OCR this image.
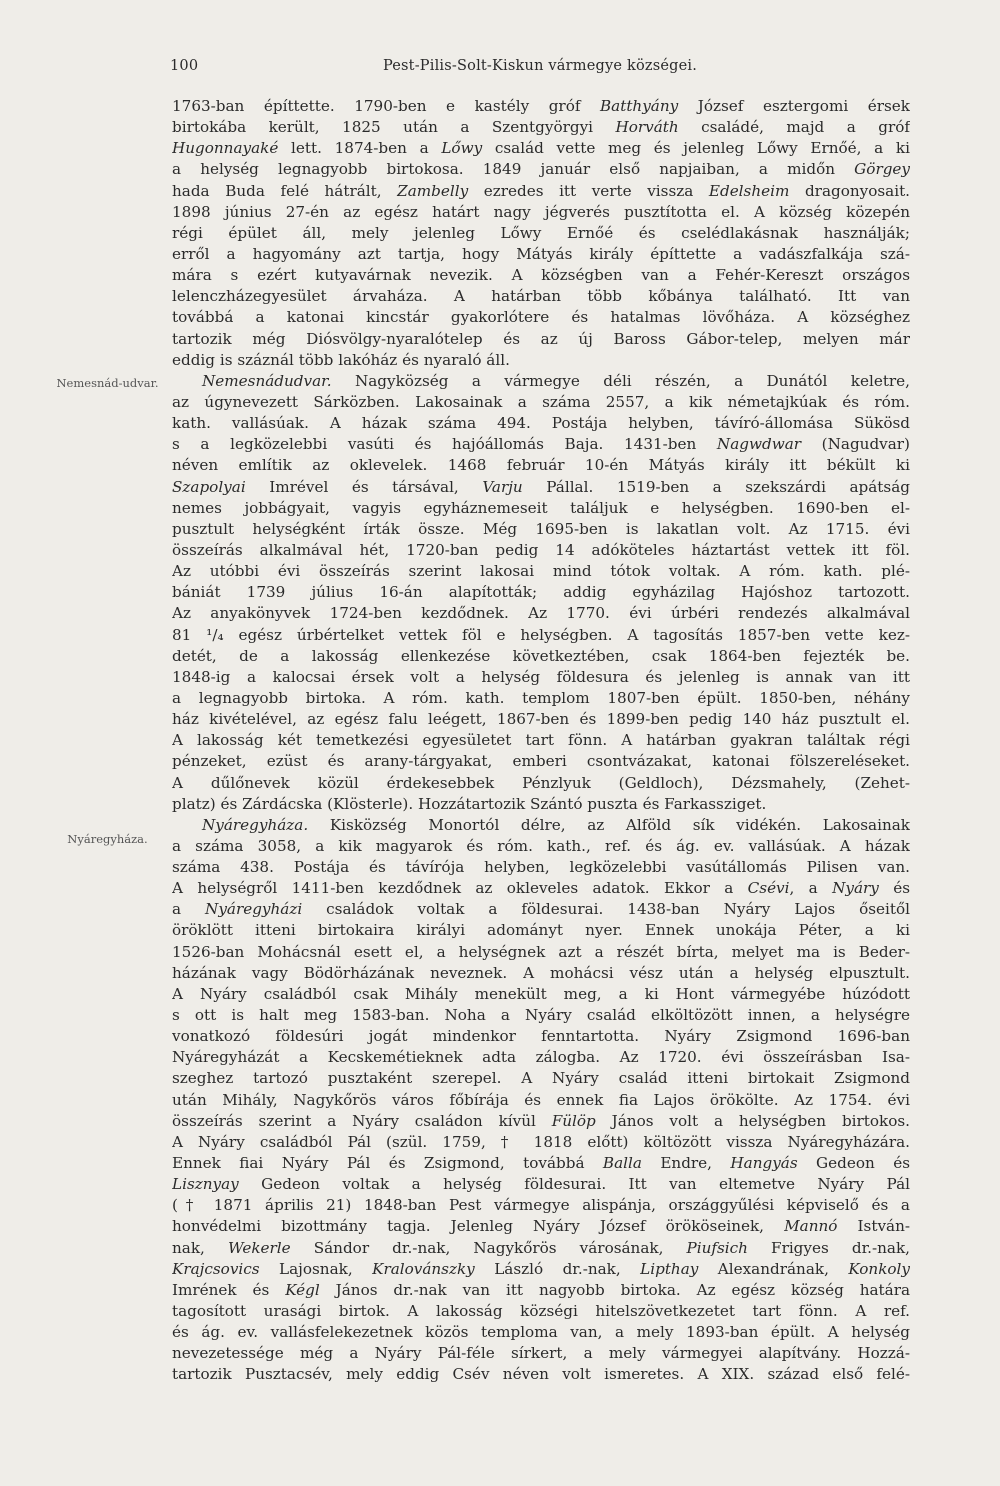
100	Pest-Pilis-Solt-Kiskun vármegye községei.
Nemesnád-udvar.
Nyáregyháza.
1763-ban építtette. 1790-ben e kastély gróf Batthyány József esztergomi érsek
birtokába került, 1825 után a Szentgyörgyi Horváth családé, majd a gróf
Hugonnayaké lett. 1874-ben a Lőwy család vette meg és jelenleg Lőwy Ernőé, a ki
a helység legnagyobb birtokosa. 1849 január első napjaiban, a midőn Görgey
hada Buda felé hátrált, Zambelly ezredes itt verte vissza Edelsheim dragonyosait.
1898 június 27-én az egész határt nagy jégverés pusztította el. A község közepén
régi épület áll, mely jelenleg Lőwy Ernőé és cselédlakásnak használják;
erről a hagyomány azt tartja, hogy Mátyás király építtette a vadászfalkája szá-
mára s ezért kutyavárnak nevezik. A községben van a Fehér-Kereszt országos
lelenczházegyesület árvaháza. A határban több kőbánya található. Itt van
továbbá a katonai kincstár gyakorlótere és hatalmas lövőháza. A községhez
tartozik még Diósvölgy-nyaralótelep és az új Baross Gábor-telep, melyen már
eddig is száznál több lakóház és nyaraló áll.
Nemesnádudvar. Nagyközség a vármegye déli részén, a Dunától keletre,
az úgynevezett Sárközben. Lakosainak a száma 2557, a kik németajkúak és róm.
kath. vallásúak. A házak száma 494. Postája helyben, távíró-állomása Sükösd
s a legközelebbi vasúti és hajóállomás Baja. 1431-ben Nagwdwar (Nagudvar)
néven említik az oklevelek. 1468 február 10-én Mátyás király itt békült ki
Szapolyai Imrével és társával, Varju Pállal. 1519-ben a szekszárdi apátság
nemes jobbágyait, vagyis egyháznemeseit találjuk e helységben. 1690-ben el-
pusztult helységként írták össze. Még 1695-ben is lakatlan volt. Az 1715. évi
összeírás alkalmával hét, 1720-ban pedig 14 adóköteles háztartást vettek itt föl.
Az utóbbi évi összeírás szerint lakosai mind tótok voltak. A róm. kath. plé-
bániát 1739 július 16-án alapították; addig egyházilag Hajóshoz tartozott.
Az anyakönyvek 1724-ben kezdődnek. Az 1770. évi úrbéri rendezés alkalmával
81 ¹/₄ egész úrbértelket vettek föl e helységben. A tagosítás 1857-ben vette kez-
detét, de a lakosság ellenkezése következtében, csak 1864-ben fejezték be.
1848-ig a kalocsai érsek volt a helység földesura és jelenleg is annak van itt
a legnagyobb birtoka. A róm. kath. templom 1807-ben épült. 1850-ben, néhány
ház kivételével, az egész falu leégett, 1867-ben és 1899-ben pedig 140 ház pusztult el.
A lakosság két temetkezési egyesületet tart fönn. A határban gyakran találtak régi
pénzeket, ezüst és arany-tárgyakat, emberi csontvázakat, katonai fölszereléseket.
A dűlőnevek közül érdekesebbek Pénzlyuk (Geldloch), Dézsmahely, (Zehet-
platz) és Zárdácska (Klösterle). Hozzátartozik Szántó puszta és Farkassziget.
Nyáregyháza. Kisközség Monortól délre, az Alföld sík vidékén. Lakosainak
a száma 3058, a kik magyarok és róm. kath., ref. és ág. ev. vallásúak. A házak
száma 438. Postája és távírója helyben, legközelebbi vasútállomás Pilisen van.
A helységről 1411-ben kezdődnek az okleveles adatok. Ekkor a Csévi, a Nyáry és
a Nyáregyházi családok voltak a földesurai. 1438-ban Nyáry Lajos őseitől
öröklött itteni birtokaira királyi adományt nyer. Ennek unokája Péter, a ki
1526-ban Mohácsnál esett el, a helységnek azt a részét bírta, melyet ma is Beder-
házának vagy Bödörházának neveznek. A mohácsi vész után a helység elpusztult.
A Nyáry családból csak Mihály menekült meg, a ki Hont vármegyébe húzódott
s ott is halt meg 1583-ban. Noha a Nyáry család elköltözött innen, a helységre
vonatkozó földesúri jogát mindenkor fenntartotta. Nyáry Zsigmond 1696-ban
Nyáregyházát a Kecskemétieknek adta zálogba. Az 1720. évi összeírásban Isa-
szeghez tartozó pusztaként szerepel. A Nyáry család itteni birtokait Zsigmond
után Mihály, Nagykőrös város főbírája és ennek fia Lajos örökölte. Az 1754. évi
összeírás szerint a Nyáry családon kívül Fülöp János volt a helységben birtokos.
A Nyáry családból Pál (szül. 1759, † 1818 előtt) költözött vissza Nyáregyházára.
Ennek fiai Nyáry Pál és Zsigmond, továbbá Balla Endre, Hangyás Gedeon és
Lisznyay Gedeon voltak a helység földesurai. Itt van eltemetve Nyáry Pál
(† 1871 április 21) 1848-ban Pest vármegye alispánja, országgyűlési képviselő és a
honvédelmi bizottmány tagja. Jelenleg Nyáry József örököseinek, Mannó István-
nak, Wekerle Sándor dr.-nak, Nagykőrös városának, Piufsich Frigyes dr.-nak,
Krajcsovics Lajosnak, Kralovánszky László dr.-nak, Lipthay Alexandrának, Konkoly
Imrének és Kégl János dr.-nak van itt nagyobb birtoka. Az egész község határa
tagosított urasági birtok. A lakosság községi hitelszövetkezetet tart fönn. A ref.
és ág. ev. vallásfelekezetnek közös temploma van, a mely 1893-ban épült. A helység
nevezetessége még a Nyáry Pál-féle sírkert, a mely vármegyei alapítvány. Hozzá-
tartozik Pusztacsév, mely eddig Csév néven volt ismeretes. A XIX. század első felé-
